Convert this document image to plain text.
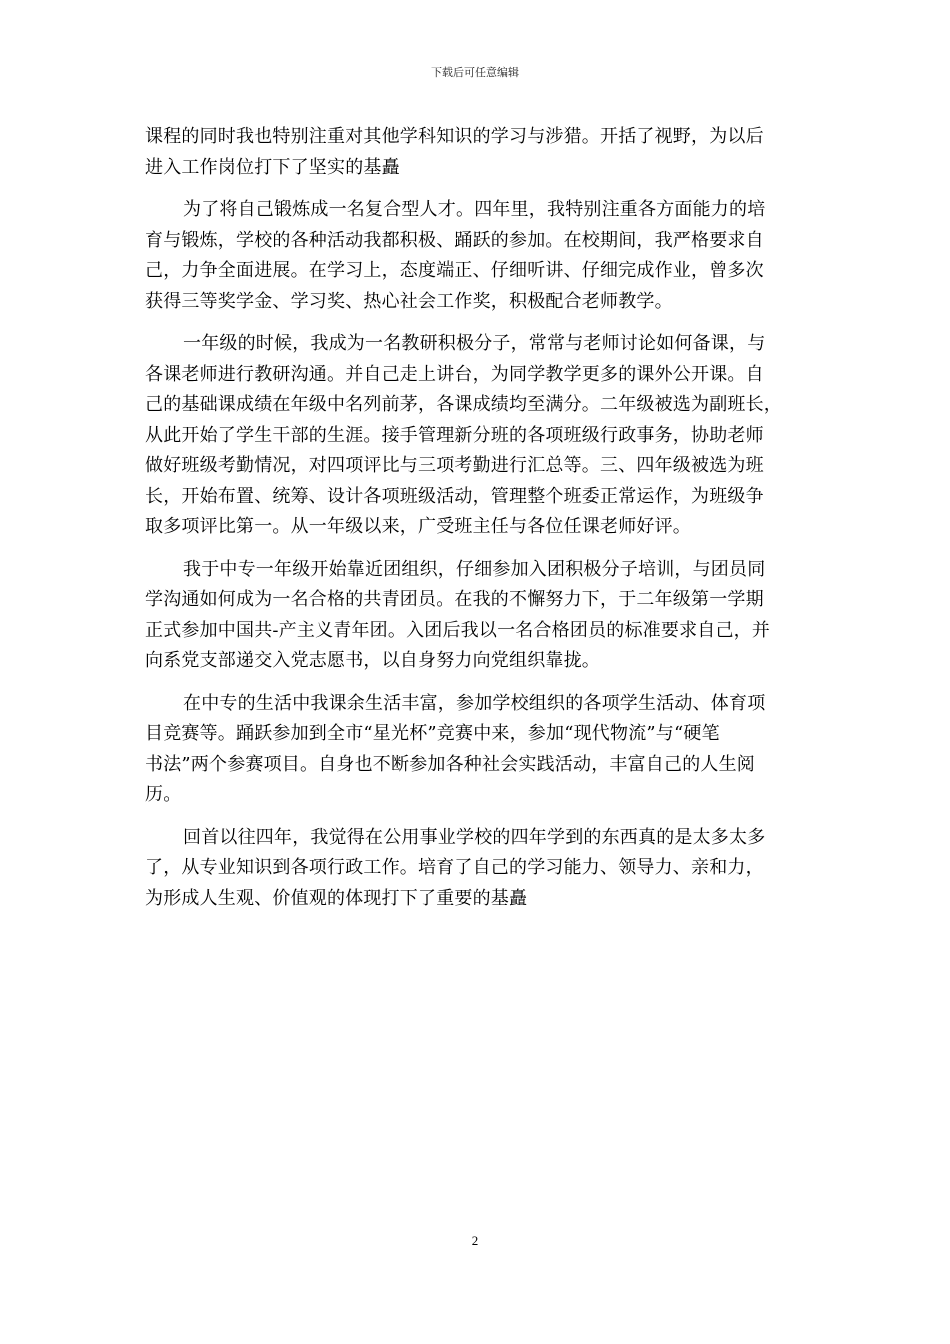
下载后可任意编辑

课程的同时我也特别注重对其他学科知识的学习与涉猎。开括了视野，为以后
进入工作岗位打下了坚实的基矗

为了将自己锻炼成一名复合型人才。四年里，我特别注重各方面能力的培
育与锻炼，学校的各种活动我都积极、踊跃的参加。在校期间，我严格要求自
己，力争全面进展。在学习上，态度端正、仔细听讲、仔细完成作业，曾多次
获得三等奖学金、学习奖、热心社会工作奖，积极配合老师教学。

一年级的时候，我成为一名教研积极分子，常常与老师讨论如何备课，与
各课老师进行教研沟通。并自己走上讲台，为同学教学更多的课外公开课。自
己的基础课成绩在年级中名列前茅，各课成绩均至满分。二年级被选为副班长，
从此开始了学生干部的生涯。接手管理新分班的各项班级行政事务，协助老师
做好班级考勤情况，对四项评比与三项考勤进行汇总等。三、四年级被选为班
长，开始布置、统筹、设计各项班级活动，管理整个班委正常运作，为班级争
取多项评比第一。从一年级以来，广受班主任与各位任课老师好评。

我于中专一年级开始靠近团组织，仔细参加入团积极分子培训，与团员同
学沟通如何成为一名合格的共青团员。在我的不懈努力下，于二年级第一学期
正式参加中国共-产主义青年团。入团后我以一名合格团员的标准要求自己，并
向系党支部递交入党志愿书，以自身努力向党组织靠拢。

在中专的生活中我课余生活丰富，参加学校组织的各项学生活动、体育项
目竞赛等。踊跃参加到全市“星光杯”竞赛中来，参加“现代物流”与“硬笔
书法”两个参赛项目。自身也不断参加各种社会实践活动，丰富自己的人生阅
历。

回首以往四年，我觉得在公用事业学校的四年学到的东西真的是太多太多
了，从专业知识到各项行政工作。培育了自己的学习能力、领导力、亲和力，
为形成人生观、价值观的体现打下了重要的基矗

2
